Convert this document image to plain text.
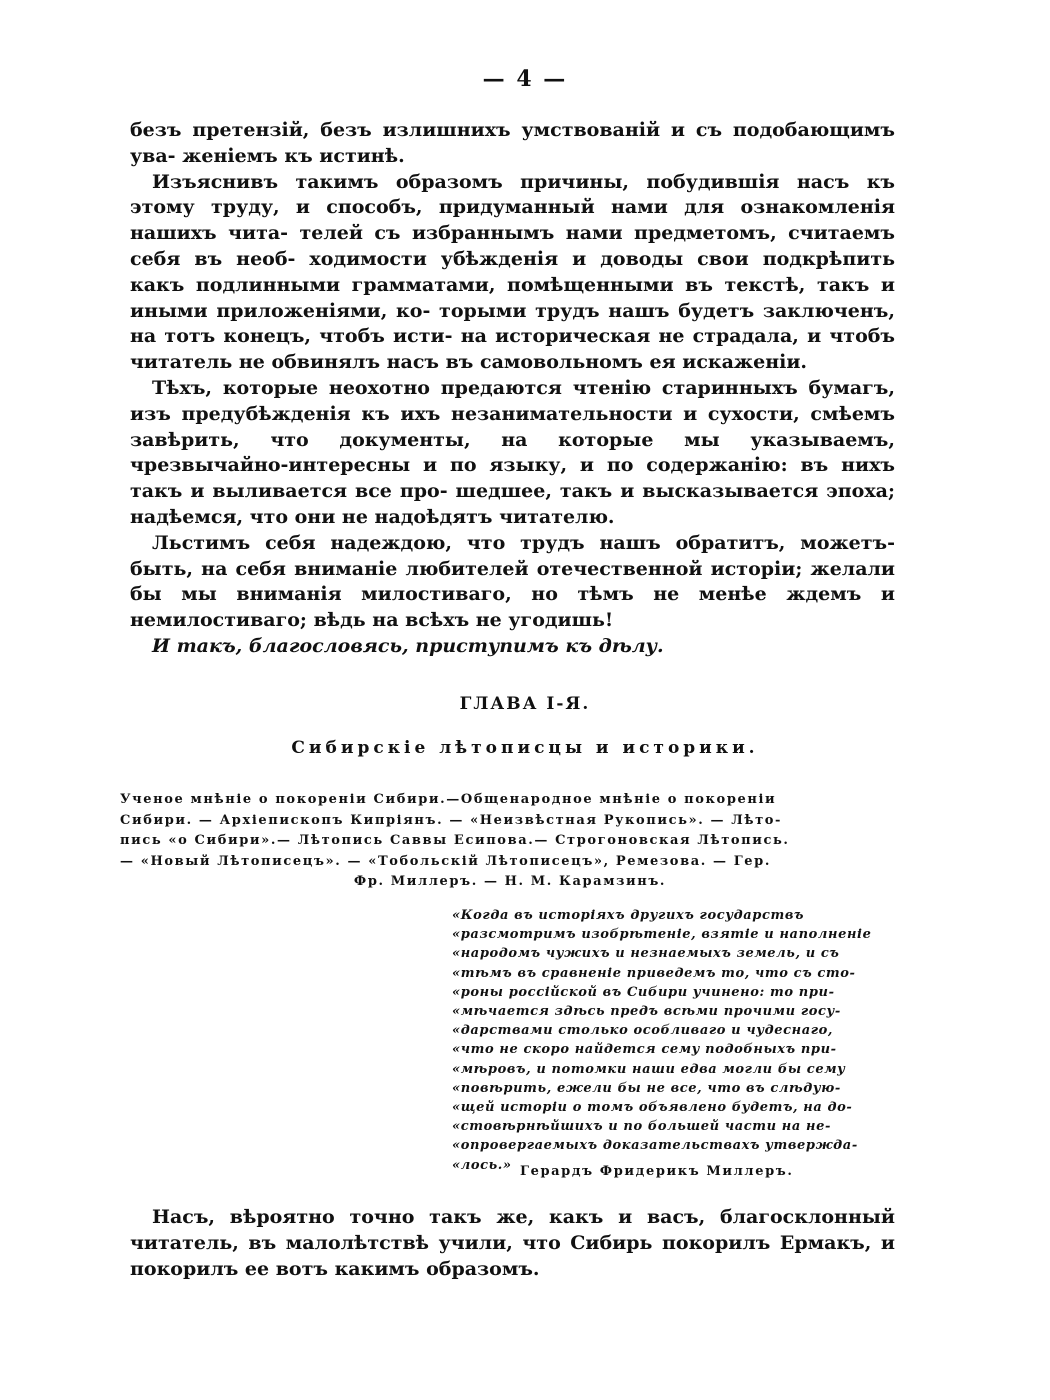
— 4 —

безъ претензій, безъ излишнихъ умствованій и съ подобающимъ ува- женіемъ къ истинѣ.

Изъяснивъ такимъ образомъ причины, побудившія насъ къ этому труду, и способъ, придуманный нами для ознакомленія нашихъ чита- телей съ избраннымъ нами предметомъ, считаемъ себя въ необ- ходимости убѣжденія и доводы свои подкрѣпить какъ подлинными грамматами, помѣщенными въ текстѣ, такъ и иными приложеніями, ко- торыми трудъ нашъ будетъ заключенъ, на тотъ конецъ, чтобъ исти- на историческая не страдала, и чтобъ читатель не обвинялъ насъ въ самовольномъ ея искаженіи.

Тѣхъ, которые неохотно предаются чтенію старинныхъ бумагъ, изъ предубѣжденія къ ихъ незанимательности и сухости, смѣемъ завѣрить, что документы, на которые мы указываемъ, чрезвычайно-интересны и по языку, и по содержанію: въ нихъ такъ и выливается все про- шедшее, такъ и высказывается эпоха; надѣемся, что они не надоѣдятъ читателю.

Льстимъ себя надеждою, что трудъ нашъ обратитъ, можетъ-быть, на себя вниманіе любителей отечественной исторіи; желали бы мы вниманія милостиваго, но тѣмъ не менѣе ждемъ и немилостиваго; вѣдь на всѣхъ не угодишь!

И такъ, благословясь, приступимъ къ дѣлу.

ГЛАВА І-Я.
Сибирскіе лѣтописцы и историки.
Ученое мнѣніе о покореніи Сибири.—Общенародное мнѣніе о покореніи
Сибири. — Архіепископъ Кипріянъ. — «Неизвѣстная Рукопись». — Лѣто-
пись «о Сибири».— Лѣтопись Саввы Есипова.— Строгоновская Лѣтопись.
— «Новый Лѣтописецъ». — «Тобольскій Лѣтописецъ», Ремезова. — Гер.
Фр. Миллеръ. — Н. М. Карамзинъ.
«Когда въ исторіяхъ другихъ государствъ
«разсмотримъ изобрѣтеніе, взятіе и наполненіе
«народомъ чужихъ и незнаемыхъ земель, и съ
«тѣмъ въ сравненіе приведемъ то, что съ сто-
«роны россійской въ Сибири учинено: то при-
«мѣчается здѣсь предъ всѣми прочими госу-
«дарствами столько особливаго и чудеснаго,
«что не скоро найдется сему подобныхъ при-
«мѣровъ, и потомки наши едва могли бы сему
«повѣрить, ежели бы не все, что въ слѣдую-
«щей исторіи о томъ объявлено будетъ, на до-
«стовѣрнѣйшихъ и по большей части на не-
«опровергаемыхъ доказательствахъ утвержда-
«лось.» Герардъ Фридерикъ Миллеръ.

Насъ, вѣроятно точно такъ же, какъ и васъ, благосклонный читатель, въ малолѣтствѣ учили, что Сибирь покорилъ Ермакъ, и покорилъ ее вотъ какимъ образомъ.
